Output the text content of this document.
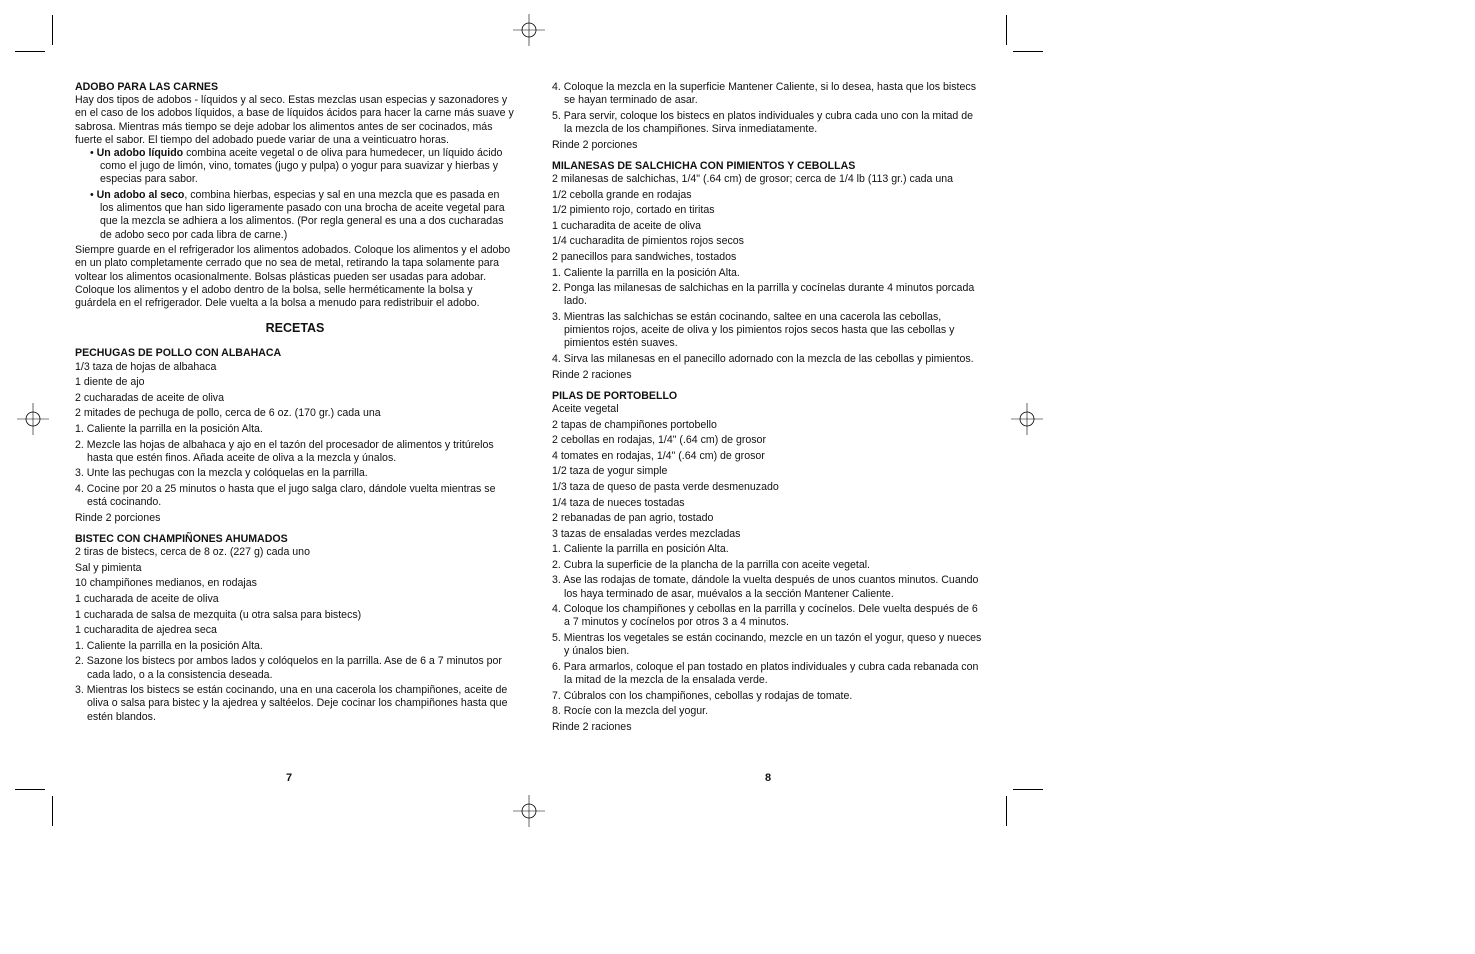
ADOBO PARA LAS CARNES

Hay dos tipos de adobos - líquidos y al seco. Estas mezclas usan especias y sazonadores y en el caso de los adobos líquidos, a base de líquidos ácidos para hacer la carne más suave y sabrosa. Mientras más tiempo se deje adobar los alimentos antes de ser cocinados, más fuerte el sabor. El tiempo del adobado puede variar de una a veinticuatro horas.

• Un adobo líquido combina aceite vegetal o de oliva para humedecer, un líquido ácido como el jugo de limón, vino, tomates (jugo y pulpa) o yogur para suavizar y hierbas y especias para sabor.

• Un adobo al seco, combina hierbas, especias y sal en una mezcla que es pasada en los alimentos que han sido ligeramente pasado con una brocha de aceite vegetal para que la mezcla se adhiera a los alimentos. (Por regla general es una a dos cucharadas de adobo seco por cada libra de carne.)

Siempre guarde en el refrigerador los alimentos adobados. Coloque los alimentos y el adobo en un plato completamente cerrado que no sea de metal, retirando la tapa solamente para voltear los alimentos ocasionalmente. Bolsas plásticas pueden ser usadas para adobar. Coloque los alimentos y el adobo dentro de la bolsa, selle herméticamente la bolsa y guárdela en el refrigerador. Dele vuelta a la bolsa a menudo para redistribuir el adobo.

RECETAS

PECHUGAS DE POLLO CON ALBAHACA

1/3 taza de hojas de albahaca

1 diente de ajo

2 cucharadas de aceite de oliva

2 mitades de pechuga de pollo, cerca de 6 oz. (170 gr.) cada una

1. Caliente la parrilla en la posición Alta.

2. Mezcle las hojas de albahaca y ajo en el tazón del procesador de alimentos y tritúrelos hasta que estén finos. Añada aceite de oliva a la mezcla y únalos.

3. Unte las pechugas con la mezcla y colóquelas en la parrilla.

4. Cocine por 20 a 25 minutos o hasta que el jugo salga claro, dándole vuelta mientras se está cocinando.

Rinde 2 porciones

BISTEC CON CHAMPIÑONES AHUMADOS

2 tiras de bistecs, cerca de 8 oz. (227 g) cada uno

Sal y pimienta

10 champiñones medianos, en rodajas

1 cucharada de aceite de oliva

1 cucharada de salsa de mezquita (u otra salsa para bistecs)

1 cucharadita de ajedrea seca

1. Caliente la parrilla en la posición Alta.

2. Sazone los bistecs por ambos lados y colóquelos en la parrilla. Ase de 6 a 7 minutos por cada lado, o a la consistencia deseada.

3. Mientras los bistecs se están cocinando, una en una cacerola los champiñones, aceite de oliva o salsa para bistec y la ajedrea y saltéelos. Deje cocinar los champiñones hasta que estén blandos.

7

4. Coloque la mezcla en la superficie Mantener Caliente, si lo desea, hasta que los bistecs se hayan terminado de asar.

5. Para servir, coloque los bistecs en platos individuales y cubra cada uno con la mitad de la mezcla de los champiñones. Sirva inmediatamente.

Rinde 2 porciones

MILANESAS DE SALCHICHA CON PIMIENTOS Y CEBOLLAS

2 milanesas de salchichas, 1/4" (.64 cm) de grosor; cerca de 1/4 lb (113 gr.) cada una

1/2 cebolla grande en rodajas

1/2 pimiento rojo, cortado en tiritas

1 cucharadita de aceite de oliva

1/4 cucharadita de pimientos rojos secos

2 panecillos para sandwiches, tostados

1. Caliente la parrilla en la posición Alta.

2. Ponga las milanesas de salchichas en la parrilla y cocínelas durante 4 minutos porcada lado.

3. Mientras las salchichas se están cocinando, saltee en una cacerola las cebollas, pimientos rojos, aceite de oliva y los pimientos rojos secos hasta que las cebollas y pimientos estén suaves.

4. Sirva las milanesas en el panecillo adornado con la mezcla de las cebollas y pimientos.

Rinde 2 raciones

PILAS DE PORTOBELLO

Aceite vegetal

2 tapas de champiñones portobello

2 cebollas en rodajas, 1/4" (.64 cm) de grosor

4 tomates en rodajas, 1/4" (.64 cm) de grosor

1/2 taza de yogur simple

1/3 taza de queso de pasta verde desmenuzado

1/4 taza de nueces tostadas

2 rebanadas de pan agrio, tostado

3 tazas de ensaladas verdes mezcladas

1. Caliente la parrilla en posición Alta.

2. Cubra la superficie de la plancha de la parrilla con aceite vegetal.

3. Ase las rodajas de tomate, dándole la vuelta después de unos cuantos minutos. Cuando los haya terminado de asar, muévalos a la sección Mantener Caliente.

4. Coloque los champiñones y cebollas en la parrilla y cocínelos. Dele vuelta después de 6 a 7 minutos y cocínelos por otros 3 a 4 minutos.

5. Mientras los vegetales se están cocinando, mezcle en un tazón el yogur, queso y nueces y únalos bien.

6. Para armarlos, coloque el pan tostado en platos individuales y cubra cada rebanada con la mitad de la mezcla de la ensalada verde.

7. Cúbralos con los champiñones, cebollas y rodajas de tomate.

8. Rocíe con la mezcla del yogur.

Rinde 2 raciones

8
